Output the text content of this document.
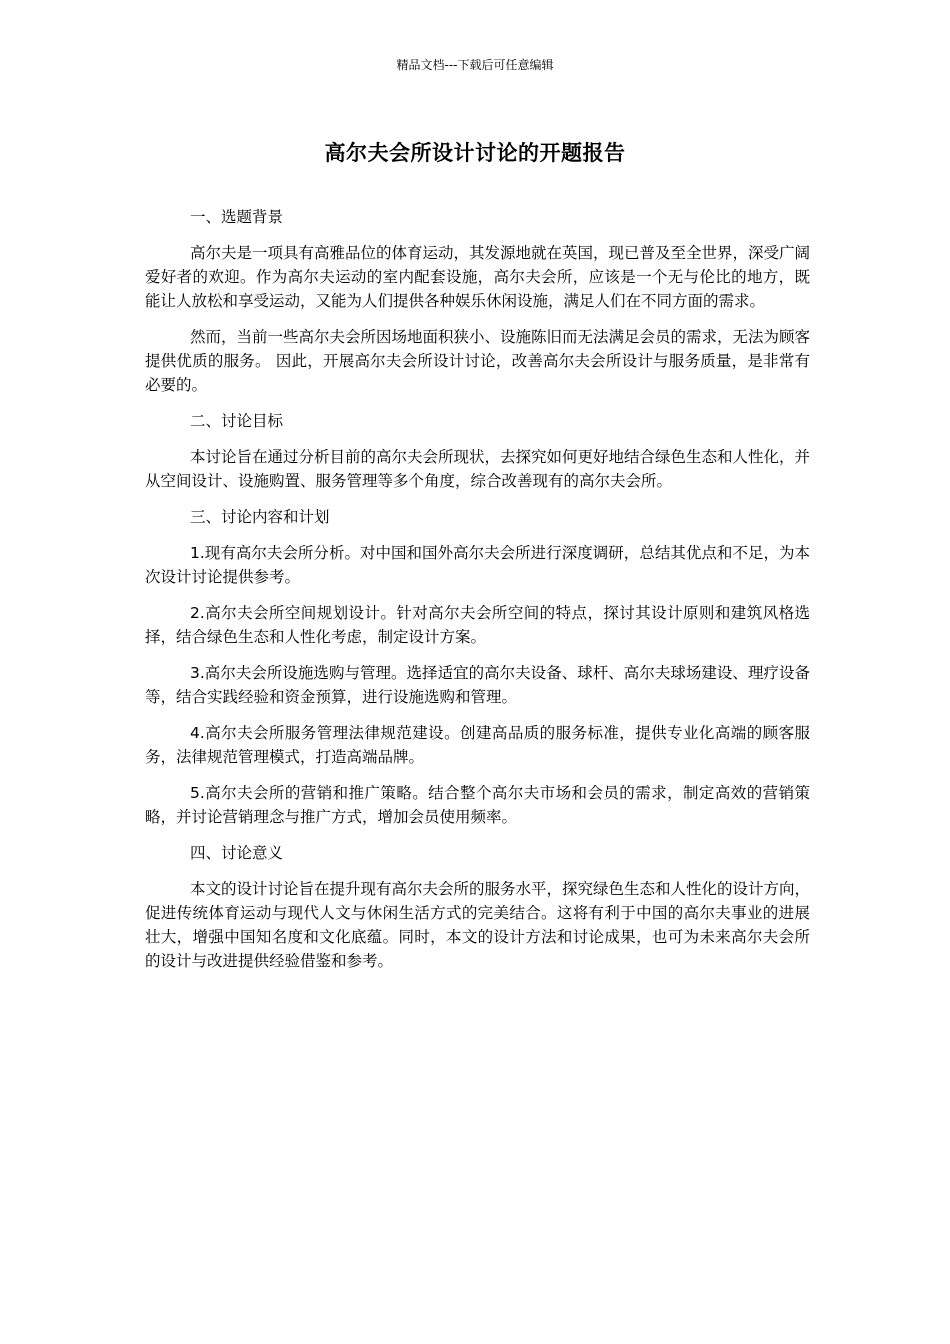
精品文档---下载后可任意编辑
高尔夫会所设计讨论的开题报告

一、选题背景

高尔夫是一项具有高雅品位的体育运动，其发源地就在英国，现已普及至全世界，深受广阔爱好者的欢迎。作为高尔夫运动的室内配套设施，高尔夫会所，应该是一个无与伦比的地方，既能让人放松和享受运动，又能为人们提供各种娱乐休闲设施，满足人们在不同方面的需求。

然而，当前一些高尔夫会所因场地面积狭小、设施陈旧而无法满足会员的需求，无法为顾客提供优质的服务。 因此，开展高尔夫会所设计讨论，改善高尔夫会所设计与服务质量，是非常有必要的。

二、讨论目标

本讨论旨在通过分析目前的高尔夫会所现状，去探究如何更好地结合绿色生态和人性化，并从空间设计、设施购置、服务管理等多个角度，综合改善现有的高尔夫会所。

三、讨论内容和计划

1.现有高尔夫会所分析。对中国和国外高尔夫会所进行深度调研，总结其优点和不足，为本次设计讨论提供参考。

2.高尔夫会所空间规划设计。针对高尔夫会所空间的特点，探讨其设计原则和建筑风格选择，结合绿色生态和人性化考虑，制定设计方案。

3.高尔夫会所设施选购与管理。选择适宜的高尔夫设备、球杆、高尔夫球场建设、理疗设备等，结合实践经验和资金预算，进行设施选购和管理。

4.高尔夫会所服务管理法律规范建设。创建高品质的服务标准，提供专业化高端的顾客服务，法律规范管理模式，打造高端品牌。

5.高尔夫会所的营销和推广策略。结合整个高尔夫市场和会员的需求，制定高效的营销策略，并讨论营销理念与推广方式，增加会员使用频率。

四、讨论意义

本文的设计讨论旨在提升现有高尔夫会所的服务水平，探究绿色生态和人性化的设计方向，促进传统体育运动与现代人文与休闲生活方式的完美结合。这将有利于中国的高尔夫事业的进展壮大，增强中国知名度和文化底蕴。同时，本文的设计方法和讨论成果，也可为未来高尔夫会所的设计与改进提供经验借鉴和参考。
